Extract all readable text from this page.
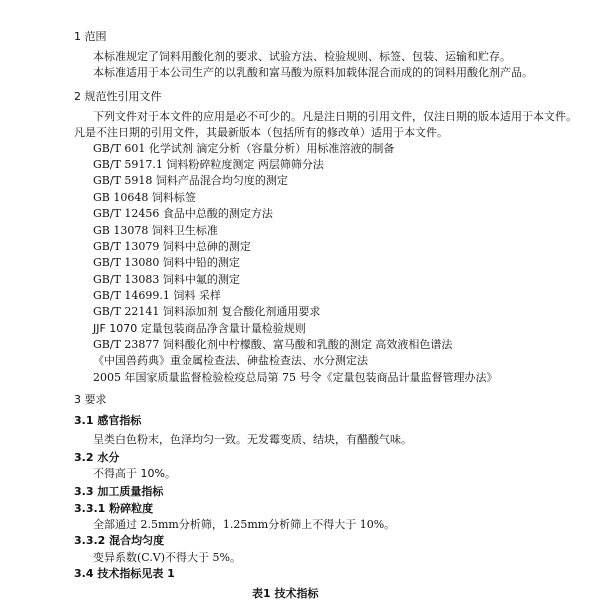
1 范围
本标准规定了饲料用酸化剂的要求、试验方法、检验规则、标签、包装、运输和贮存。
本标准适用于本公司生产的以乳酸和富马酸为原料加载体混合而成的的饲料用酸化剂产品。
2 规范性引用文件
下列文件对于本文件的应用是必不可少的。凡是注日期的引用文件，仅注日期的版本适用于本文件。
凡是不注日期的引用文件，其最新版本（包括所有的修改单）适用于本文件。
GB/T 601 化学试剂 滴定分析（容量分析）用标准溶液的制备
GB/T 5917.1 饲料粉碎粒度测定 两层筛筛分法
GB/T 5918 饲料产品混合均匀度的测定
GB 10648 饲料标签
GB/T 12456 食品中总酸的测定方法
GB 13078 饲料卫生标准
GB/T 13079 饲料中总砷的测定
GB/T 13080 饲料中铅的测定
GB/T 13083 饲料中氟的测定
GB/T 14699.1 饲料 采样
GB/T 22141 饲料添加剂 复合酸化剂通用要求
JJF 1070 定量包装商品净含量计量检验规则
GB/T 23877 饲料酸化剂中柠檬酸、富马酸和乳酸的测定 高效液相色谱法
《中国兽药典》重金属检查法、砷盐检查法、水分测定法
2005 年国家质量监督检验检疫总局第 75 号令《定量包装商品计量监督管理办法》
3 要求
3.1 感官指标
呈类白色粉末，色泽均匀一致。无发霉变质、结块，有醋酸气味。
3.2 水分
不得高于 10%。
3.3 加工质量指标
3.3.1 粉碎粒度
全部通过 2.5mm分析筛，1.25mm分析筛上不得大于 10%。
3.3.2 混合均匀度
变异系数(C.V)不得大于 5%。
3.4 技术指标见表 1
表1 技术指标
